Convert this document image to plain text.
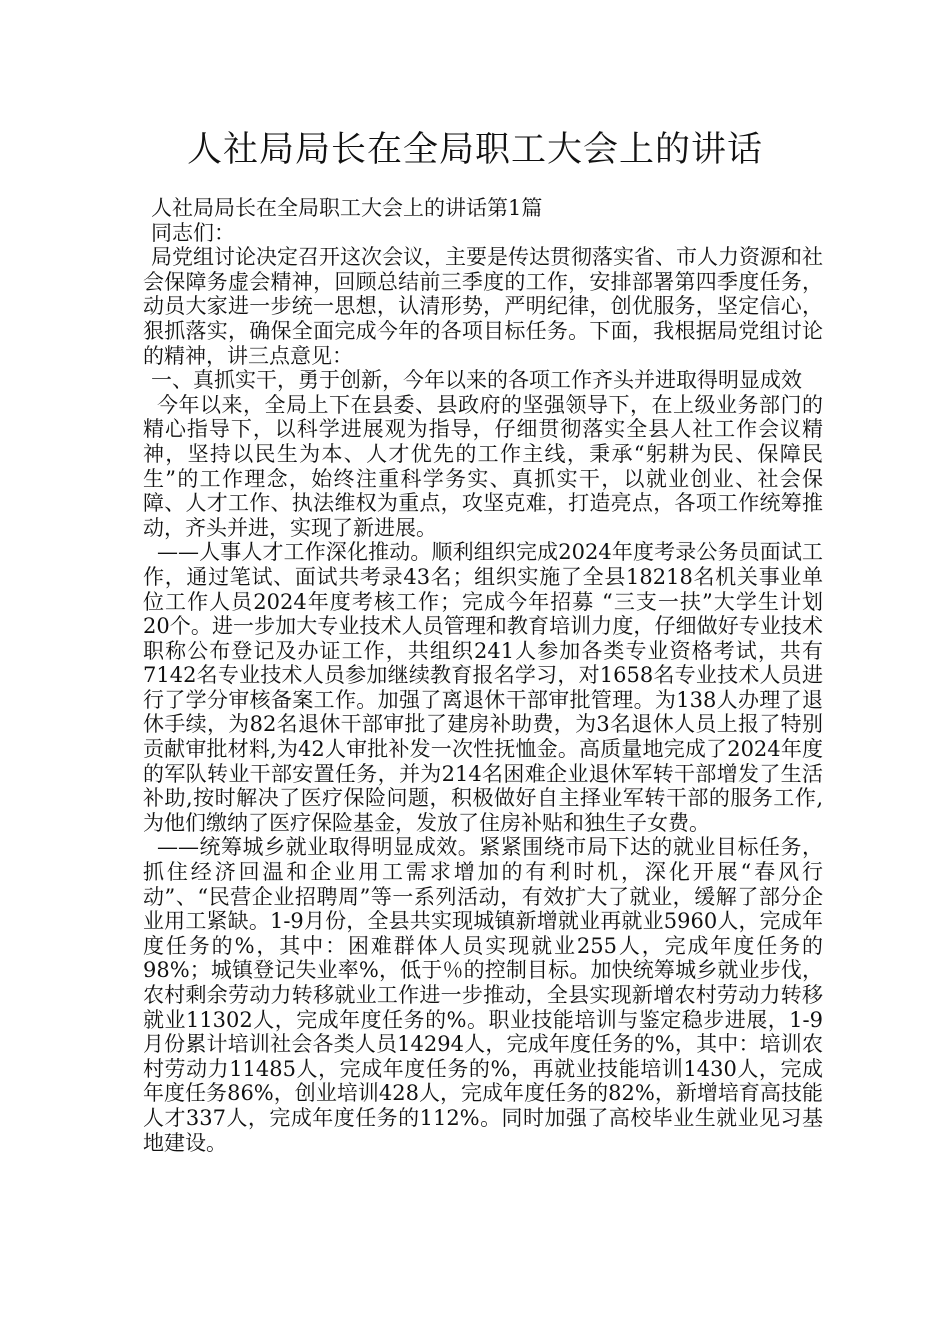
人社局局长在全局职工大会上的讲话

人社局局长在全局职工大会上的讲话第1篇

同志们：

局党组讨论决定召开这次会议，主要是传达贯彻落实省、市人力资源和社会保障务虚会精神，回顾总结前三季度的工作，安排部署第四季度任务，动员大家进一步统一思想，认清形势，严明纪律，创优服务，坚定信心，狠抓落实，确保全面完成今年的各项目标任务。下面，我根据局党组讨论的精神，讲三点意见：

一、真抓实干，勇于创新，今年以来的各项工作齐头并进取得明显成效

今年以来，全局上下在县委、县政府的坚强领导下，在上级业务部门的精心指导下，以科学进展观为指导，仔细贯彻落实全县人社工作会议精神，坚持以民生为本、人才优先的工作主线，秉承“躬耕为民、保障民生”的工作理念，始终注重科学务实、真抓实干，以就业创业、社会保障、人才工作、执法维权为重点，攻坚克难，打造亮点，各项工作统筹推动，齐头并进，实现了新进展。

——人事人才工作深化推动。顺利组织完成2024年度考录公务员面试工作，通过笔试、面试共考录43名；组织实施了全县18218名机关事业单位工作人员2024年度考核工作；完成今年招募 “三支一扶”大学生计划 20个。进一步加大专业技术人员管理和教育培训力度，仔细做好专业技术职称公布登记及办证工作，共组织241人参加各类专业资格考试，共有7142名专业技术人员参加继续教育报名学习，对1658名专业技术人员进行了学分审核备案工作。加强了离退休干部审批管理。为138人办理了退休手续，为82名退休干部审批了建房补助费，为3名退休人员上报了特别贡献审批材料,为42人审批补发一次性抚恤金。高质量地完成了2024年度的军队转业干部安置任务，并为214名困难企业退休军转干部增发了生活补助,按时解决了医疗保险问题，积极做好自主择业军转干部的服务工作,为他们缴纳了医疗保险基金，发放了住房补贴和独生子女费。

——统筹城乡就业取得明显成效。紧紧围绕市局下达的就业目标任务，抓住经济回温和企业用工需求增加的有利时机，深化开展“春风行动”、“民营企业招聘周”等一系列活动，有效扩大了就业，缓解了部分企业用工紧缺。1-9月份，全县共实现城镇新增就业再就业5960人，完成年度任务的%，其中：困难群体人员实现就业255人，完成年度任务的98%；城镇登记失业率%，低于％的控制目标。加快统筹城乡就业步伐，农村剩余劳动力转移就业工作进一步推动，全县实现新增农村劳动力转移就业11302人，完成年度任务的%。职业技能培训与鉴定稳步进展，1-9月份累计培训社会各类人员14294人，完成年度任务的%，其中：培训农村劳动力11485人，完成年度任务的%，再就业技能培训1430人，完成年度任务86%，创业培训428人，完成年度任务的82%，新增培育高技能人才337人，完成年度任务的112%。同时加强了高校毕业生就业见习基地建设。
